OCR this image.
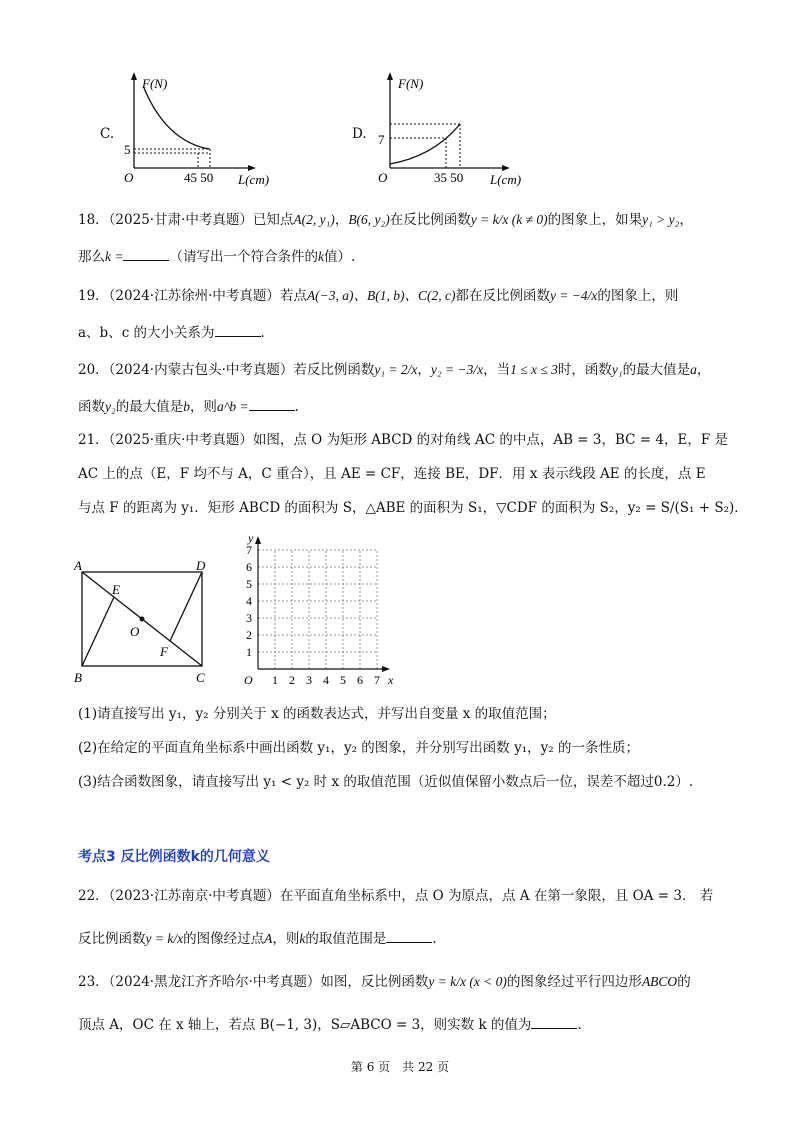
C.
F(N)
O
5
45 50 L(cm)
D.
F(N)
O
7
35 50 L(cm)
18．（2025·甘肃·中考真题）已知点A(2, y₁)，B(6, y₂)在反比例函数y = k/x (k ≠ 0)的图象上，如果y₁ > y₂，
那么k =	（请写出一个符合条件的k值）.
19．（2024·江苏徐州·中考真题）若点A(−3, a)、B(1, b)、C(2, c)都在反比例函数y = −4/x的图象上，则
a、b、c 的大小关系为	.
20．（2024·内蒙古包头·中考真题）若反比例函数y₁ = 2/x，y₂ = −3/x，当1 ≤ x ≤ 3时，函数y₁的最大值是a，
函数y₂的最大值是b，则a^b =	.
21．（2025·重庆·中考真题）如图，点 O 为矩形 ABCD 的对角线 AC 的中点，AB = 3，BC = 4，E，F 是
AC 上的点（E，F 均不与 A，C 重合），且 AE = CF，连接 BE，DF．用 x 表示线段 AE 的长度，点 E
与点 F 的距离为 y₁．矩形 ABCD 的面积为 S，△ABE 的面积为 S₁，▽CDF 的面积为 S₂，y₂ = S/(S₁ + S₂)．
A	D
B	C
E
F
O
y
x
O 1 2 3 4 5 6 7
1
2
3
4
5
6
7
(1)请直接写出 y₁，y₂ 分别关于 x 的函数表达式，并写出自变量 x 的取值范围；
(2)在给定的平面直角坐标系中画出函数 y₁，y₂ 的图象，并分别写出函数 y₁，y₂ 的一条性质；
(3)结合函数图象，请直接写出 y₁ < y₂ 时 x 的取值范围（近似值保留小数点后一位，误差不超过0.2）.
考点3 反比例函数k的几何意义
22．（2023·江苏南京·中考真题）在平面直角坐标系中，点 O 为原点，点 A 在第一象限，且 OA = 3． 若
反比例函数y = k/x的图像经过点A，则k的取值范围是	.
23．（2024·黑龙江齐齐哈尔·中考真题）如图，反比例函数y = k/x (x < 0)的图象经过平行四边形ABCO的
顶点 A，OC 在 x 轴上，若点 B(−1, 3)，S▱ABCO = 3，则实数 k 的值为	.
第 6 页　共 22 页
